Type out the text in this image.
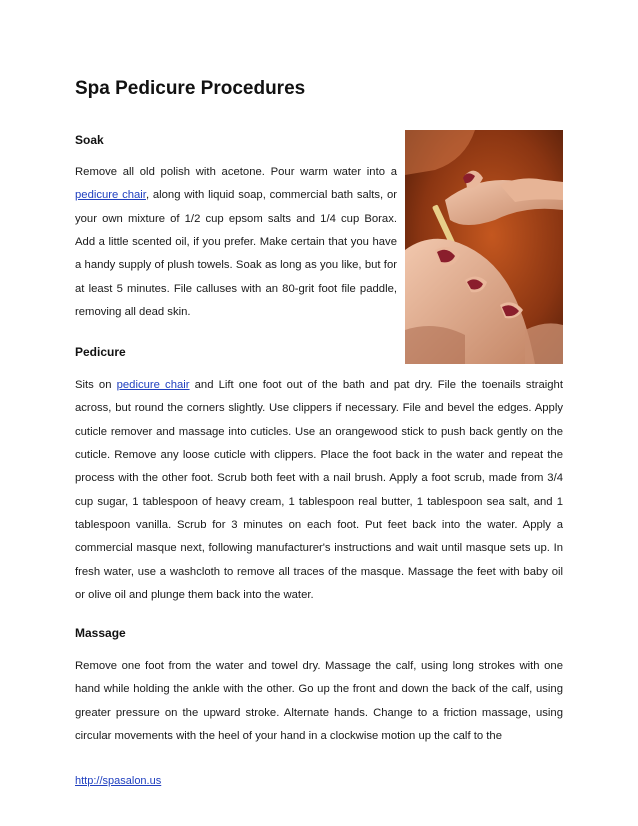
Spa Pedicure Procedures
Soak

Remove all old polish with acetone. Pour warm water into a pedicure chair, along with liquid soap, commercial bath salts, or your own mixture of 1/2 cup epsom salts and 1/4 cup Borax. Add a little scented oil, if you prefer. Make certain that you have a handy supply of plush towels. Soak as long as you like, but for at least 5 minutes. File calluses with an 80-grit foot file paddle, removing all dead skin.

Pedicure

Sits on pedicure chair and Lift one foot out of the bath and pat dry. File the toenails straight across, but round the corners slightly. Use clippers if necessary. File and bevel the edges. Apply cuticle remover and massage into cuticles. Use an orangewood stick to push back gently on the cuticle. Remove any loose cuticle with clippers. Place the foot back in the water and repeat the process with the other foot. Scrub both feet with a nail brush. Apply a foot scrub, made from 3/4 cup sugar, 1 tablespoon of heavy cream, 1 tablespoon real butter, 1 tablespoon sea salt, and 1 tablespoon vanilla. Scrub for 3 minutes on each foot. Put feet back into the water. Apply a commercial masque next, following manufacturer's instructions and wait until masque sets up. In fresh water, use a washcloth to remove all traces of the masque. Massage the feet with baby oil or olive oil and plunge them back into the water.

Massage

Remove one foot from the water and towel dry. Massage the calf, using long strokes with one hand while holding the ankle with the other. Go up the front and down the back of the calf, using greater pressure on the upward stroke. Alternate hands. Change to a friction massage, using circular movements with the heel of your hand in a clockwise motion up the calf to the

http://spasalon.us
